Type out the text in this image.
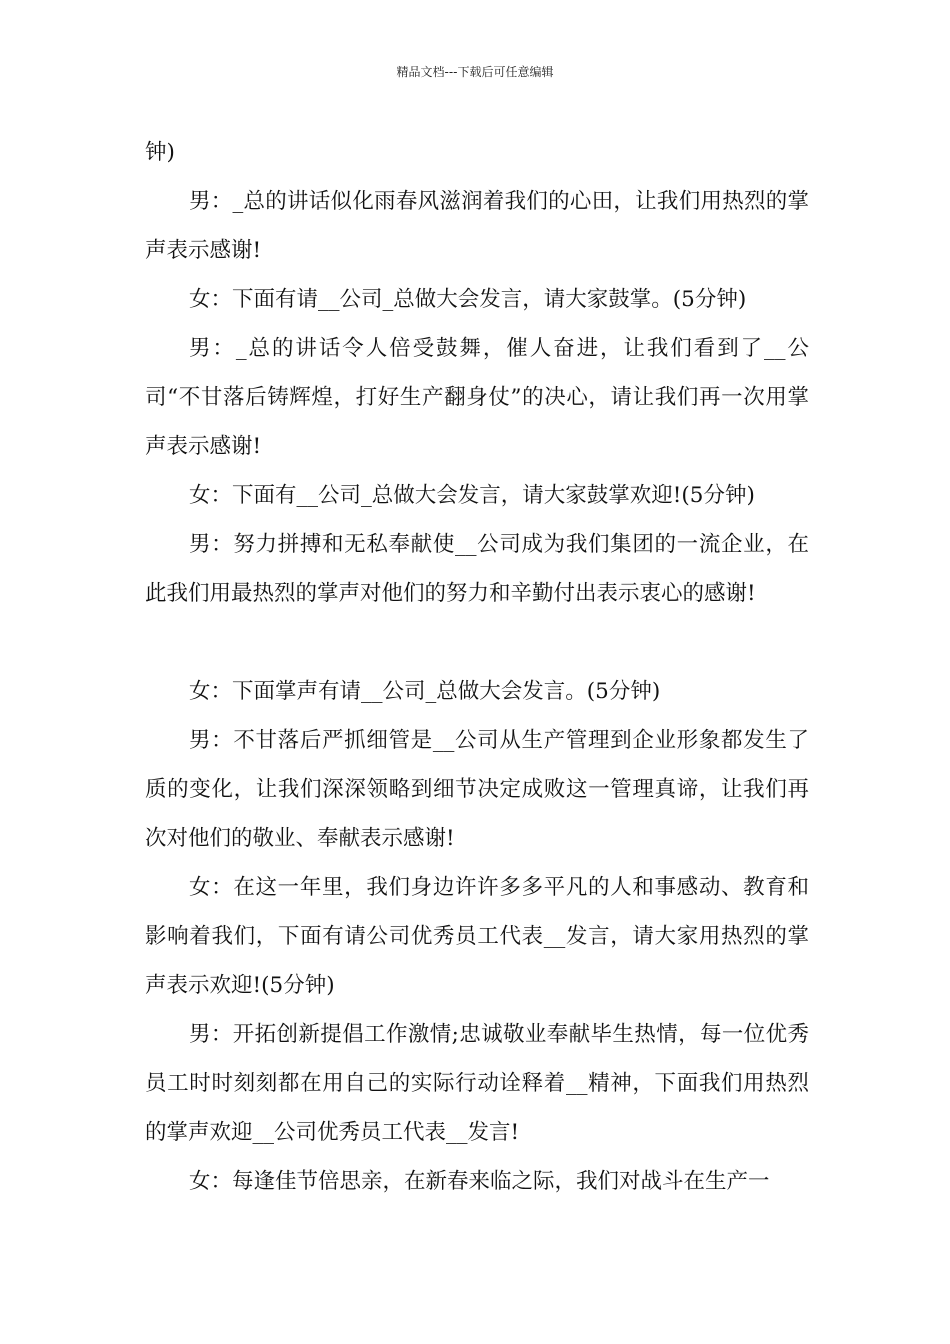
精品文档---下载后可任意编辑

钟)

男：_总的讲话似化雨春风滋润着我们的心田，让我们用热烈的掌声表示感谢!

女：下面有请__公司_总做大会发言，请大家鼓掌。(5分钟)

男：_总的讲话令人倍受鼓舞，催人奋进，让我们看到了__公司“不甘落后铸辉煌，打好生产翻身仗”的决心，请让我们再一次用掌声表示感谢!

女：下面有__公司_总做大会发言，请大家鼓掌欢迎!(5分钟)

男：努力拼搏和无私奉献使__公司成为我们集团的一流企业，在此我们用最热烈的掌声对他们的努力和辛勤付出表示衷心的感谢!

女：下面掌声有请__公司_总做大会发言。(5分钟)

男：不甘落后严抓细管是__公司从生产管理到企业形象都发生了质的变化，让我们深深领略到细节决定成败这一管理真谛，让我们再次对他们的敬业、奉献表示感谢!

女：在这一年里，我们身边许许多多平凡的人和事感动、教育和影响着我们，下面有请公司优秀员工代表__发言，请大家用热烈的掌声表示欢迎!(5分钟)

男：开拓创新提倡工作激情;忠诚敬业奉献毕生热情，每一位优秀员工时时刻刻都在用自己的实际行动诠释着__精神，下面我们用热烈的掌声欢迎__公司优秀员工代表__发言!

女：每逢佳节倍思亲，在新春来临之际，我们对战斗在生产一
